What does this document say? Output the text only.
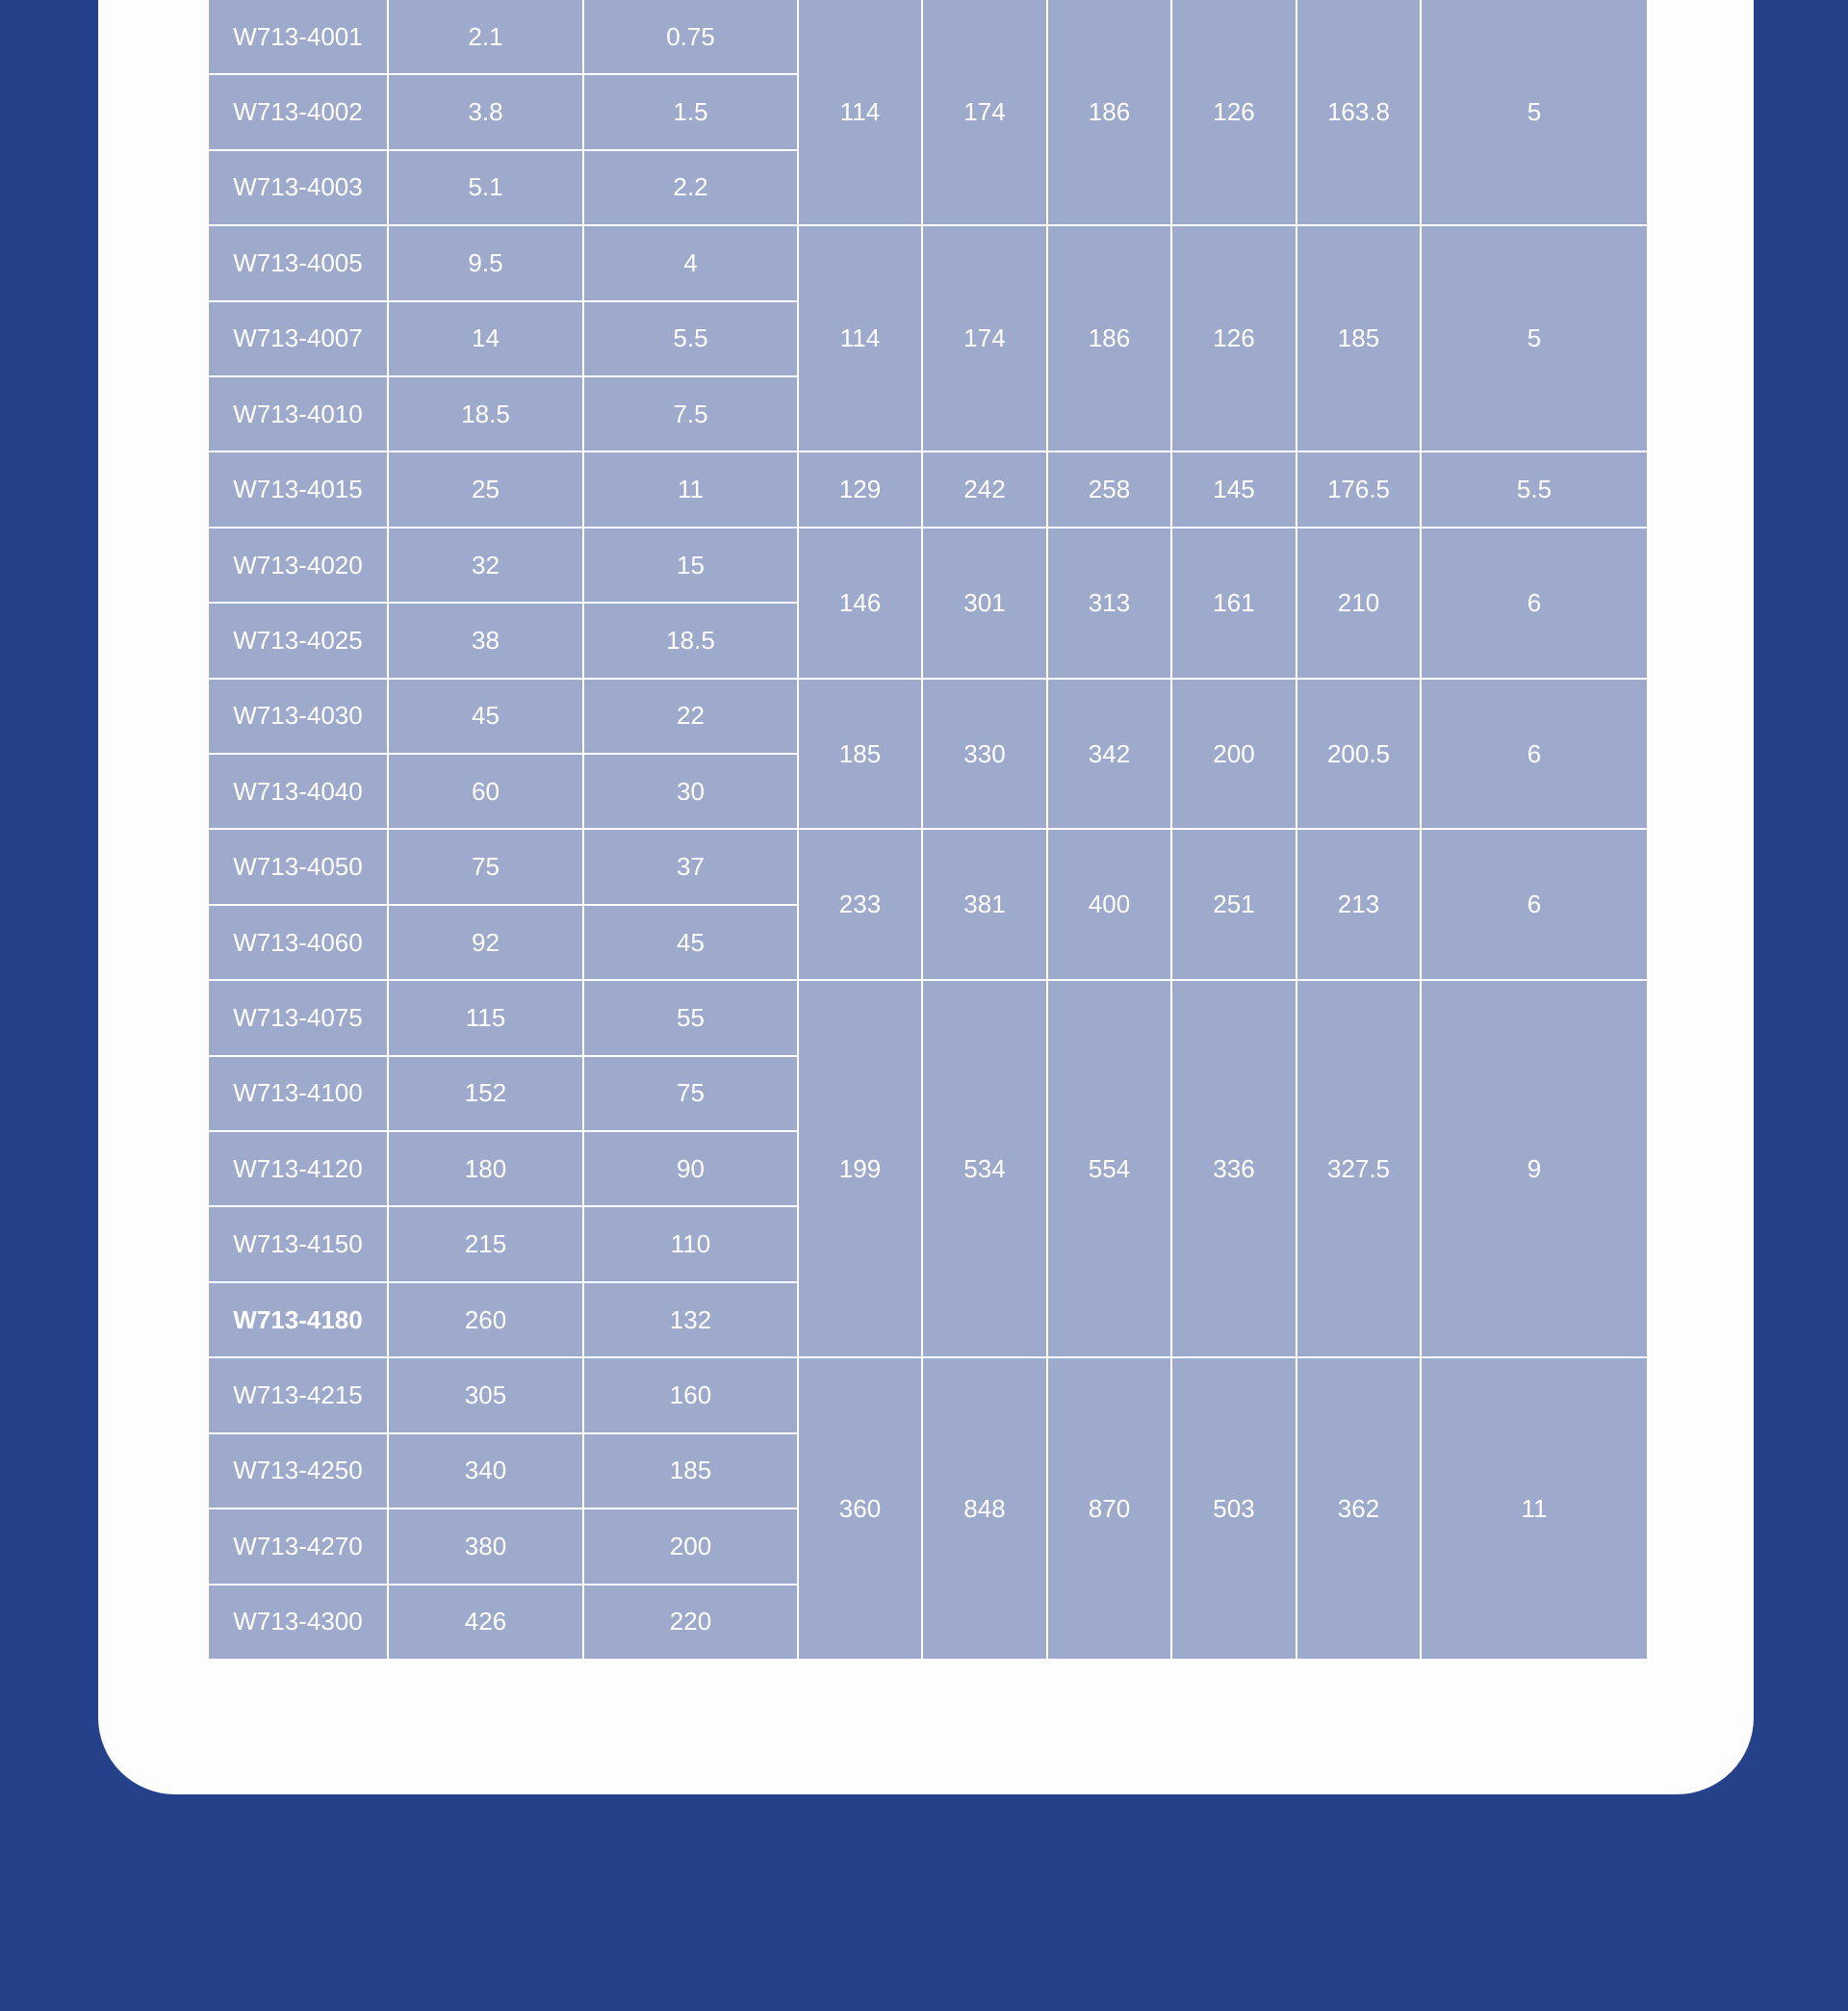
W713-4001	2.1	0.75	114	174	186	126	163.8	5
W713-4002	3.8	1.5						
W713-4003	5.1	2.2						
W713-4005	9.5	4	114	174	186	126	185	5
W713-4007	14	5.5						
W713-4010	18.5	7.5						
W713-4015	25	11	129	242	258	145	176.5	5.5
W713-4020	32	15	146	301	313	161	210	6
W713-4025	38	18.5						
W713-4030	45	22	185	330	342	200	200.5	6
W713-4040	60	30						
W713-4050	75	37	233	381	400	251	213	6
W713-4060	92	45						
W713-4075	115	55	199	534	554	336	327.5	9
W713-4100	152	75						
W713-4120	180	90						
W713-4150	215	110						
W713-4180	260	132						
W713-4215	305	160	360	848	870	503	362	11
W713-4250	340	185						
W713-4270	380	200						
W713-4300	426	220						
